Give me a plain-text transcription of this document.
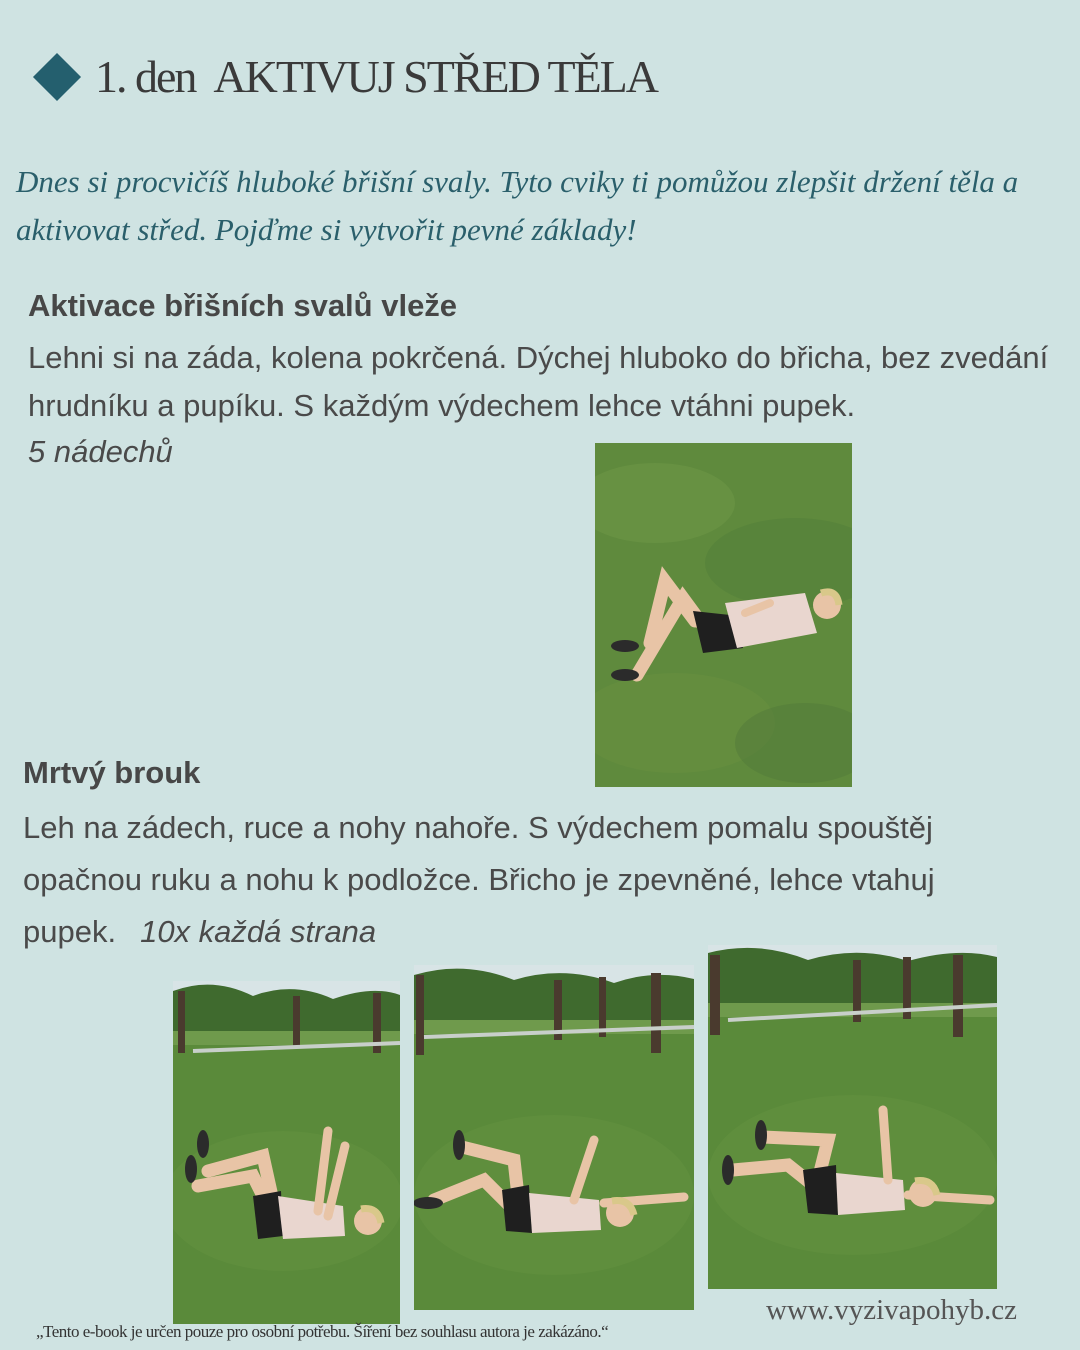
1. den AKTIVUJ STŘED TĚLA

Dnes si procvičíš hluboké břišní svaly. Tyto cviky ti pomůžou zlepšit držení těla a aktivovat střed. Pojďme si vytvořit pevné základy!

Aktivace břišních svalů vleže

Lehni si na záda, kolena pokrčená. Dýchej hluboko do břicha, bez zvedání hrudníku a pupíku. S každým výdechem lehce vtáhni pupek.

5 nádechů
Mrtvý brouk

Leh na zádech, ruce a nohy nahoře. S výdechem pomalu spouštěj opačnou ruku a nohu k podložce. Břicho je zpevněné, lehce vtahuj pupek. 10x každá strana

www.vyzivapohyb.cz

„Tento e-book je určen pouze pro osobní potřebu. Šíření bez souhlasu autora je zakázáno.“
